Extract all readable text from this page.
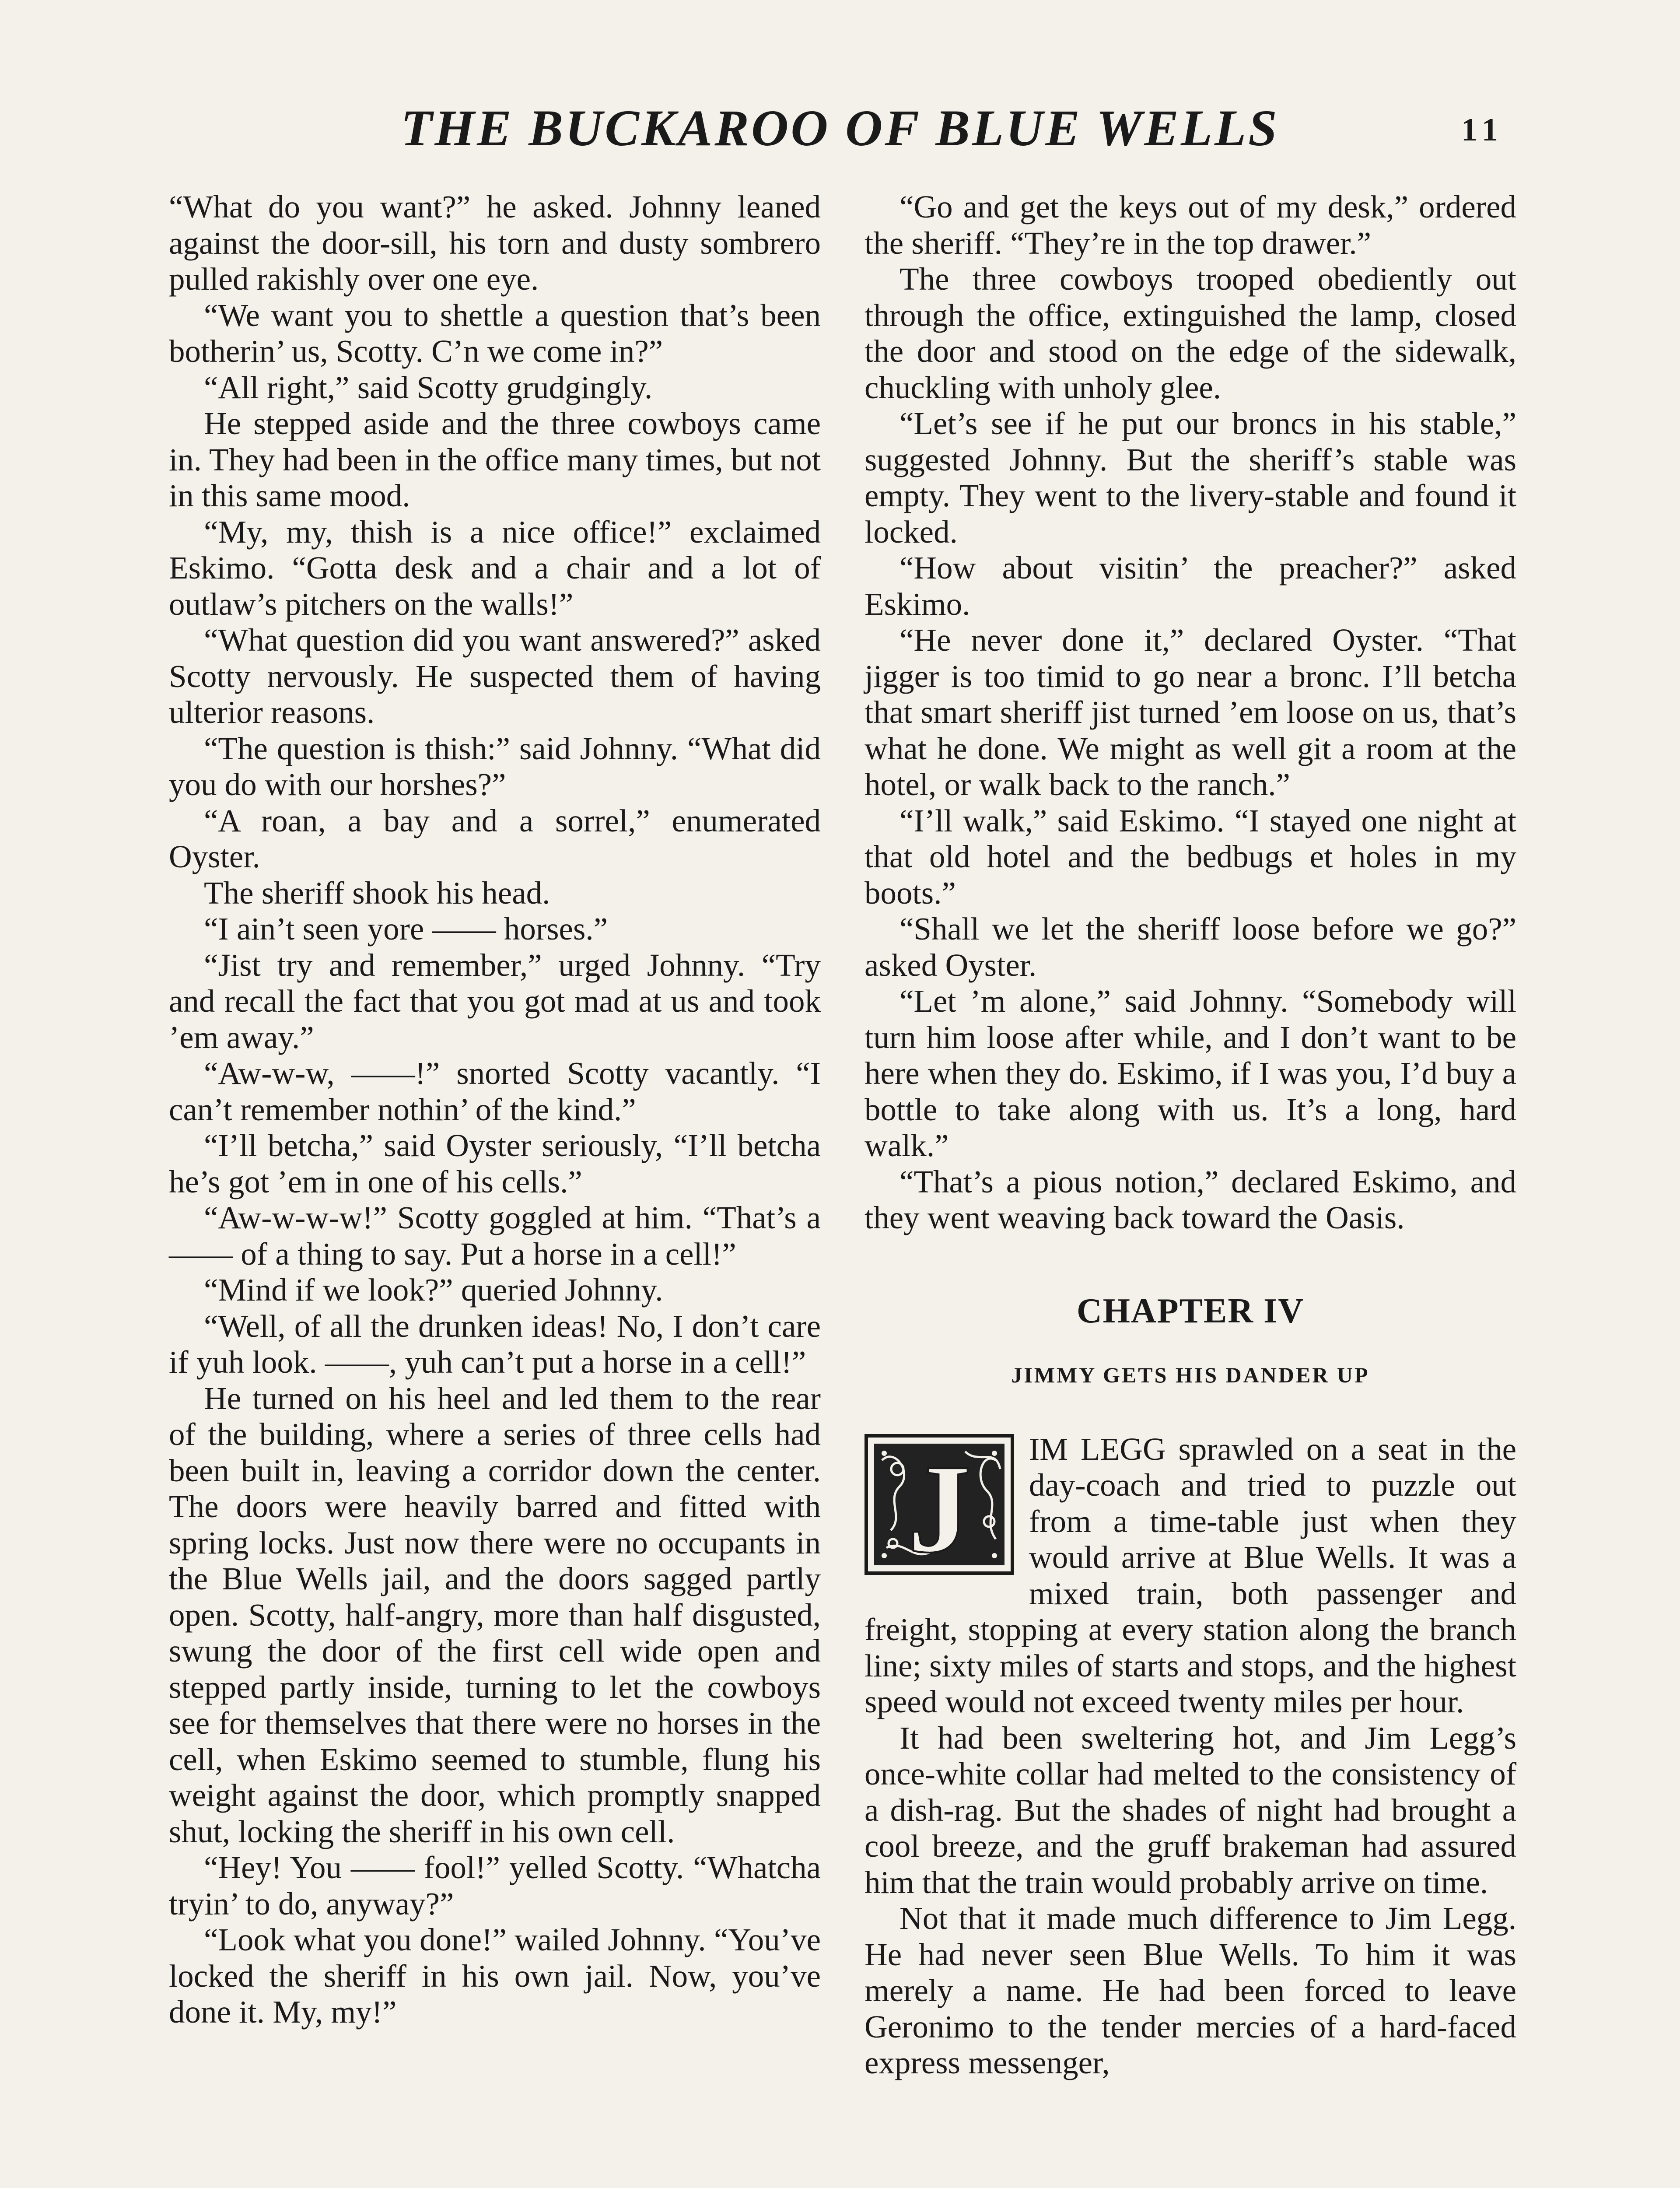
THE BUCKAROO OF BLUE WELLS	11

“What do you want?” he asked. Johnny leaned against the door-sill, his torn and dusty sombrero pulled rakishly over one eye.

“We want you to shettle a question that’s been botherin’ us, Scotty. C’n we come in?”

“All right,” said Scotty grudgingly.

He stepped aside and the three cowboys came in. They had been in the office many times, but not in this same mood.

“My, my, thish is a nice office!” exclaimed Eskimo. “Gotta desk and a chair and a lot of outlaw’s pitchers on the walls!”

“What question did you want answered?” asked Scotty nervously. He suspected them of having ulterior reasons.

“The question is thish:” said Johnny. “What did you do with our horshes?”

“A roan, a bay and a sorrel,” enumerated Oyster.

The sheriff shook his head.

“I ain’t seen yore —— horses.”

“Jist try and remember,” urged Johnny. “Try and recall the fact that you got mad at us and took ’em away.”

“Aw-w-w, ——!” snorted Scotty vacantly. “I can’t remember nothin’ of the kind.”

“I’ll betcha,” said Oyster seriously, “I’ll betcha he’s got ’em in one of his cells.”

“Aw-w-w-w!” Scotty goggled at him. “That’s a —— of a thing to say. Put a horse in a cell!”

“Mind if we look?” queried Johnny.

“Well, of all the drunken ideas! No, I don’t care if yuh look. ——, yuh can’t put a horse in a cell!”

He turned on his heel and led them to the rear of the building, where a series of three cells had been built in, leaving a corridor down the center. The doors were heavily barred and fitted with spring locks. Just now there were no occupants in the Blue Wells jail, and the doors sagged partly open. Scotty, half-angry, more than half disgusted, swung the door of the first cell wide open and stepped partly inside, turning to let the cowboys see for themselves that there were no horses in the cell, when Eskimo seemed to stumble, flung his weight against the door, which promptly snapped shut, locking the sheriff in his own cell.

“Hey! You —— fool!” yelled Scotty. “Whatcha tryin’ to do, anyway?”

“Look what you done!” wailed Johnny. “You’ve locked the sheriff in his own jail. Now, you’ve done it. My, my!”

“Go and get the keys out of my desk,” ordered the sheriff. “They’re in the top drawer.”

The three cowboys trooped obediently out through the office, extinguished the lamp, closed the door and stood on the edge of the sidewalk, chuckling with unholy glee.

“Let’s see if he put our broncs in his stable,” suggested Johnny. But the sheriff’s stable was empty. They went to the livery-stable and found it locked.

“How about visitin’ the preacher?” asked Eskimo.

“He never done it,” declared Oyster. “That jigger is too timid to go near a bronc. I’ll betcha that smart sheriff jist turned ’em loose on us, that’s what he done. We might as well git a room at the hotel, or walk back to the ranch.”

“I’ll walk,” said Eskimo. “I stayed one night at that old hotel and the bedbugs et holes in my boots.”

“Shall we let the sheriff loose before we go?” asked Oyster.

“Let ’m alone,” said Johnny. “Somebody will turn him loose after while, and I don’t want to be here when they do. Eskimo, if I was you, I’d buy a bottle to take along with us. It’s a long, hard walk.”

“That’s a pious notion,” declared Eskimo, and they went weaving back toward the Oasis.

CHAPTER IV
JIMMY GETS HIS DANDER UP
J	IM LEGG sprawled on a seat in the day-coach and tried to puzzle out from a time-table just when they would arrive at Blue Wells. It was a mixed train, both passenger and freight, stopping at every station along the branch line; sixty miles of starts and stops, and the highest speed would not exceed twenty miles per hour.

It had been sweltering hot, and Jim Legg’s once-white collar had melted to the consistency of a dish-rag. But the shades of night had brought a cool breeze, and the gruff brakeman had assured him that the train would probably arrive on time.

Not that it made much difference to Jim Legg. He had never seen Blue Wells. To him it was merely a name. He had been forced to leave Geronimo to the tender mercies of a hard-faced express messenger,
